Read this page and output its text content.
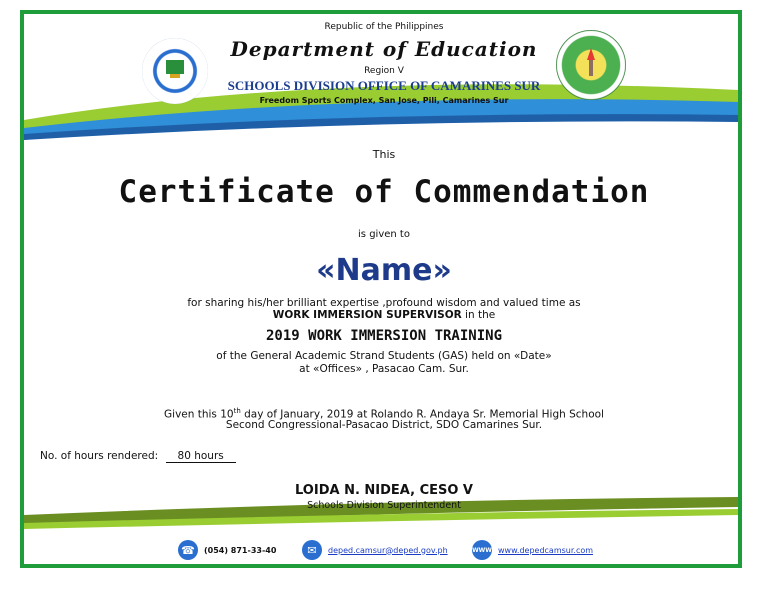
Republic of the Philippines
Department of Education
Region V
SCHOOLS DIVISION OFFICE OF CAMARINES SUR
Freedom Sports Complex, San Jose, Pili, Camarines Sur
This
Certificate of Commendation
is given to
«Name»
for sharing his/her brilliant expertise ,profound wisdom and valued time as
WORK IMMERSION SUPERVISOR in the
2019 WORK IMMERSION TRAINING
of the General Academic Strand Students (GAS) held on «Date»
at «Offices» , Pasacao Cam. Sur.
Given this 10th day of January, 2019 at Rolando R. Andaya Sr. Memorial High School
Second Congressional-Pasacao District, SDO Camarines Sur.
No. of hours rendered: 80 hours
LOIDA N. NIDEA, CESO V
Schools Division Superintendent
☎	(054) 871-33-40	✉	deped.camsur@deped.gov.ph	WWW www.depedcamsur.com
